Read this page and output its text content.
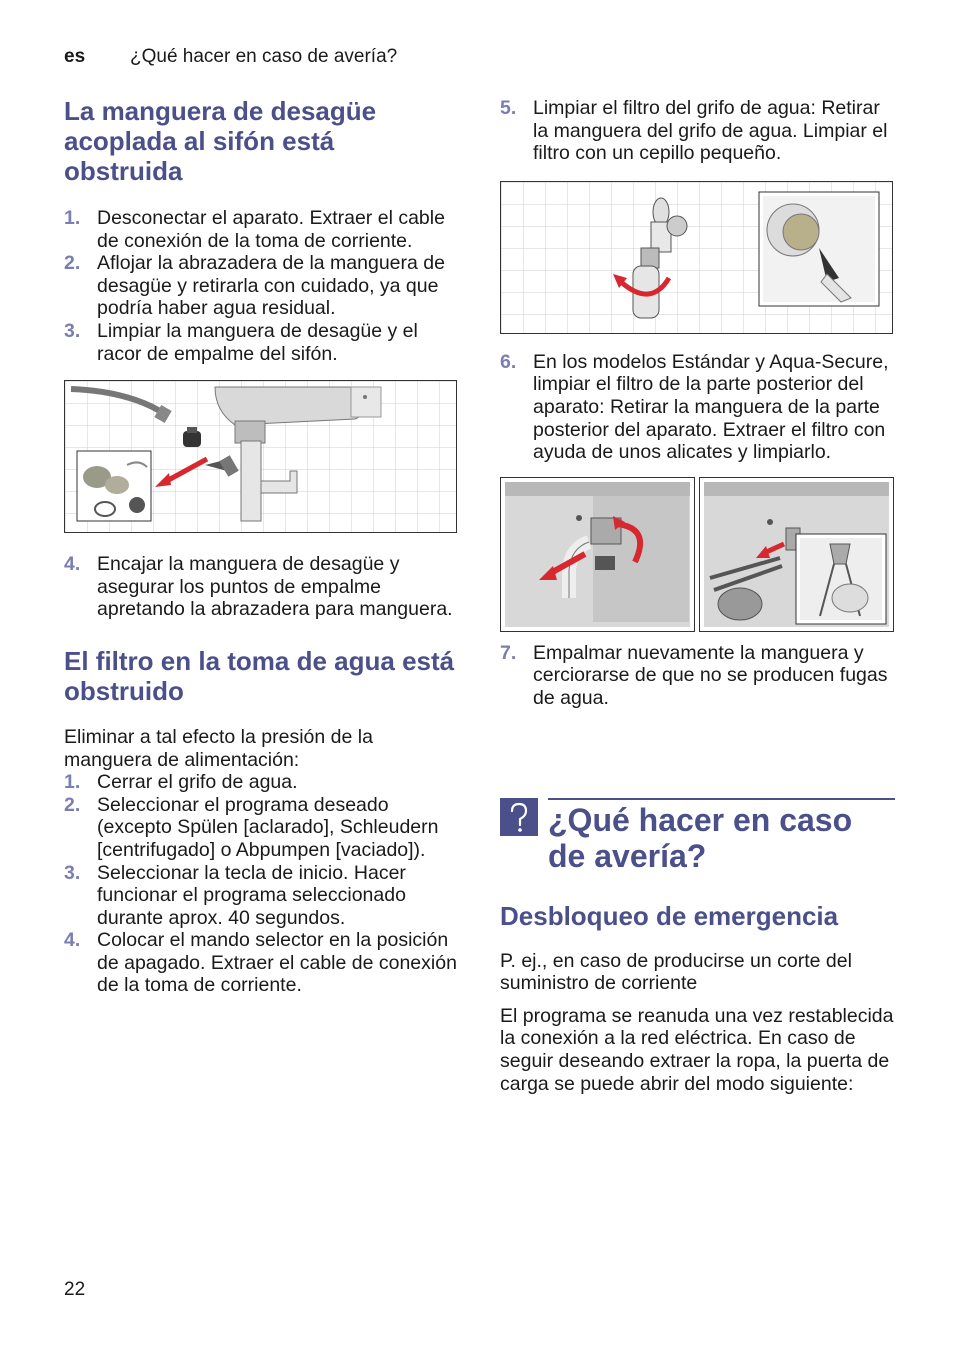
es ¿Qué hacer en caso de avería?
La manguera de desagüe acoplada al sifón está obstruida
1. Desconectar el aparato. Extraer el cable de conexión de la toma de corriente.
2. Aflojar la abrazadera de la manguera de desagüe y retirarla con cuidado, ya que podría haber agua residual.
3. Limpiar la manguera de desagüe y el racor de empalme del sifón.
4. Encajar la manguera de desagüe y asegurar los puntos de empalme apretando la abrazadera para manguera.
El filtro en la toma de agua está obstruido

Eliminar a tal efecto la presión de la manguera de alimentación:

1. Cerrar el grifo de agua.
2. Seleccionar el programa deseado (excepto Spülen [aclarado], Schleudern [centrifugado] o Abpumpen [vaciado]).
3. Seleccionar la tecla de inicio. Hacer funcionar el programa seleccionado durante aprox. 40 segundos.
4. Colocar el mando selector en la posición de apagado. Extraer el cable de conexión de la toma de corriente.
5. Limpiar el filtro del grifo de agua: Retirar la manguera del grifo de agua. Limpiar el filtro con un cepillo pequeño.
6. En los modelos Estándar y Aqua-Secure, limpiar el filtro de la parte posterior del aparato: Retirar la manguera de la parte posterior del aparato. Extraer el filtro con ayuda de unos alicates y limpiarlo.
7. Empalmar nuevamente la manguera y cerciorarse de que no se producen fugas de agua.
¿Qué hacer en caso de avería?
Desbloqueo de emergencia

P. ej., en caso de producirse un corte del suministro de corriente

El programa se reanuda una vez restablecida la conexión a la red eléctrica. En caso de seguir deseando extraer la ropa, la puerta de carga se puede abrir del modo siguiente:

22
